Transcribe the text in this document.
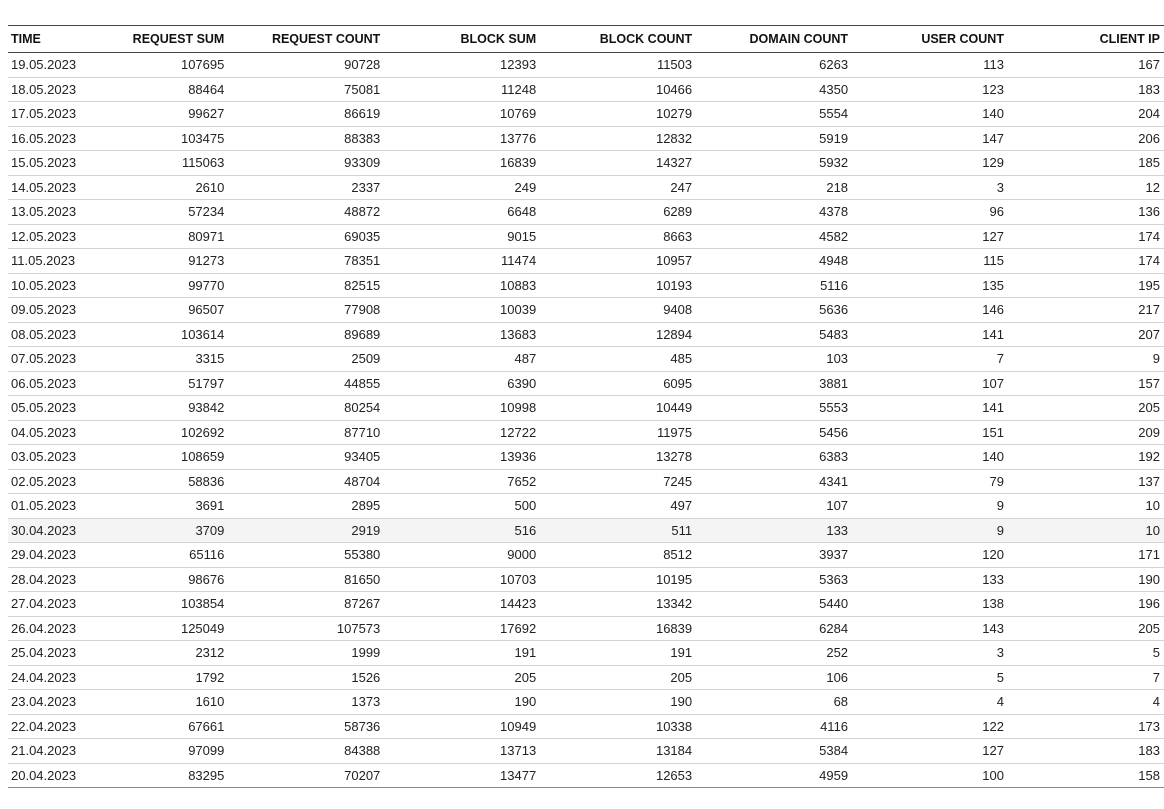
TIME	REQUEST SUM	REQUEST COUNT	BLOCK SUM	BLOCK COUNT	DOMAIN COUNT	USER COUNT	CLIENT IP
19.05.2023	107695	90728	12393	11503	6263	113	167
18.05.2023	88464	75081	11248	10466	4350	123	183
17.05.2023	99627	86619	10769	10279	5554	140	204
16.05.2023	103475	88383	13776	12832	5919	147	206
15.05.2023	115063	93309	16839	14327	5932	129	185
14.05.2023	2610	2337	249	247	218	3	12
13.05.2023	57234	48872	6648	6289	4378	96	136
12.05.2023	80971	69035	9015	8663	4582	127	174
11.05.2023	91273	78351	11474	10957	4948	115	174
10.05.2023	99770	82515	10883	10193	5116	135	195
09.05.2023	96507	77908	10039	9408	5636	146	217
08.05.2023	103614	89689	13683	12894	5483	141	207
07.05.2023	3315	2509	487	485	103	7	9
06.05.2023	51797	44855	6390	6095	3881	107	157
05.05.2023	93842	80254	10998	10449	5553	141	205
04.05.2023	102692	87710	12722	11975	5456	151	209
03.05.2023	108659	93405	13936	13278	6383	140	192
02.05.2023	58836	48704	7652	7245	4341	79	137
01.05.2023	3691	2895	500	497	107	9	10
30.04.2023	3709	2919	516	511	133	9	10
29.04.2023	65116	55380	9000	8512	3937	120	171
28.04.2023	98676	81650	10703	10195	5363	133	190
27.04.2023	103854	87267	14423	13342	5440	138	196
26.04.2023	125049	107573	17692	16839	6284	143	205
25.04.2023	2312	1999	191	191	252	3	5
24.04.2023	1792	1526	205	205	106	5	7
23.04.2023	1610	1373	190	190	68	4	4
22.04.2023	67661	58736	10949	10338	4116	122	173
21.04.2023	97099	84388	13713	13184	5384	127	183
20.04.2023	83295	70207	13477	12653	4959	100	158
